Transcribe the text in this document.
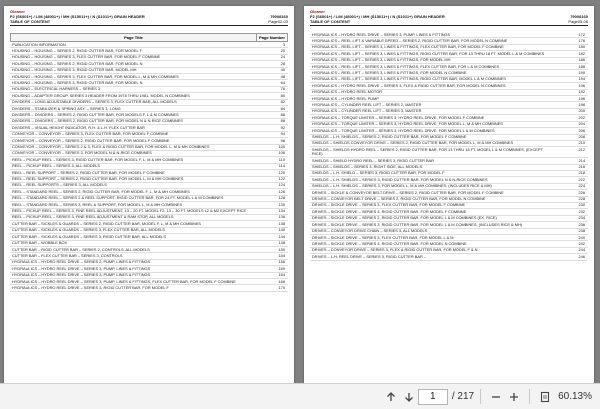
Gleaner
F2 (S6001+) / L/M (48001+) / MH (S15011+) / N (S1011+) GRAIN HEADER
TABLE OF CONTENT
79008160
Page02-03
Page Title	Page Number
PUBLICATION INFORMATION	3
HOUSING – HOUSING – SERIES 2, RIGID CUTTER BAR, FOR MODEL F	20
HOUSING – HOUSING – SERIES 3, FLEX CUTTER BAR, FOR MODEL F COMBINE	24
HOUSING – HOUSING – SERIES 2, RIGID CUTTER BAR, FOR MODEL N	28
HOUSING – HOUSING – SERIES 3, RIGID CUTTER BAR, MODEL MH	40
HOUSING – HOUSING – SERIES 3, FLEX CUTTER BAR, FOR MODEL L, M & MH COMBINES	48
HOUSING – HOUSING – SERIES 3, RIGID CUTTER BAR, FOR MODEL N	64
HOUSING – ELECTRICAL HARNESS – SERIES 3	76
HOUSING – ADAPTER GROUP, SERIES 3 HEADER FROM 1978 THRU 1981, MODEL N COMBINES	80
DIVIDERS – LONG ADJUSTABLE DIVIDERS – SERIES 3, FLEX CUTTER BAR, ALL MODELS	82
DIVIDERS – STABILIZER & SPRING ASY. – SERIES 3, LONG	84
DIVIDERS – DIVIDERS – SERIES 2, RIGID CUTTER BAR, FOR MODELS F, L & M COMBINES	86
DIVIDERS – DIVIDERS – SERIES 2, RIGID CUTTER BAR, FOR MODEL N & N-RICE COMBINES	88
DIVIDERS – VISUAL HEIGHT INDICATOR, R.H. & L.H. FLEX CUTTER BAR	92
CONVEYOR – CONVEYOR – SERIES 3, FLEX CUTTER BAR, FOR MODEL F COMBINE	94
CONVEYOR – CONVEYOR – SERIES 2, RIGID CUTTER BAR, FOR MODEL F COMBINE	96
CONVEYOR – CONVEYOR – SERIES 2 & 3, FLEX & RIGID CUTTER BAR, FOR MODEL L, M & MH COMBINES	100
CONVEYOR – CONVEYOR – SERIES 3, FOR MODEL N & N-RICE COMBINES	106
REEL – PICKUP REEL – SERIES 3, RIGID CUTTER BAR, FOR MODEL F, L, M & MH COMBINES	110
REEL – PICKUP REEL – SERIES 3, ALL MODELS	114
REEL – REEL SUPPORT – SERIES 2, RIGID CUTTER BAR, FOR MODEL F COMBINE	120
REEL – REEL SUPPORT – SERIES 2, RIGID CUTTER BAR, FOR MODEL L, M & MH COMBINES	122
REEL – REEL SUPPORTS – SERIES 3, ALL MODELS	124
REEL – STANDARD REEL – SERIES 2, RIGID CUTTER BAR, FOR MODEL F, L, M & MH COMBINES	126
REEL – STANDARD REEL – SERIES 2 & REEL SUPPORT, RIGID CUTTER BAR, FOR 24 FT. MODEL L & M COMBINES	128
REEL – STANDARD REEL – SERIES 3, REEL & SUPPORT, FOR MODEL L, M & MH COMBINES	130
REEL – PICKUP REEL – SERIES 3, FINE REEL ADJUSTMENT, 13 – 20 FT. MODEL F2, 13 – 30 FT. MODELS L2 & M2 EXCEPT RICE	134
REEL – PICKUP REEL – SERIES 3, FINE REEL ADJUSTMENT & RAM STOP, ALL MODELS	136
CUTTER BAR – SICKLES & GUARDS – SERIES 2, RIGID CUTTER BAR, MODEL F, L, M & MH COMBINES	138
CUTTER BAR – SICKLES & GUARDS – SERIES 3, FLEX CUTTER BAR, ALL MODELS	140
CUTTER BAR – SICKLES & GUARDS – SERIES 3, RIGID CUTTER BAR, ALL MODELS	144
CUTTER BAR – WOBBLE BOX	148
CUTTER BAR – RIGID CUTTER BAR – SERIES 2, CONTROLS, ALL MODELS	150
CUTTER BAR – FLEX CUTTER BAR – SERIES 3, CONTROLS	154
HYDRAULICS – HYDRO REEL DRIVE – SERIES 2, PUMP, LINES & FITTINGS	156
HYDRAULICS – HYDRO REEL DRIVE – SERIES 3, PUMP, LINES & FITTINGS	160
HYDRAULICS – HYDRO REEL DRIVE – SERIES 3, PUMP, LINES & FITTINGS	164
HYDRAULICS – HYDRO REEL DRIVE – SERIES 3, PUMP, LINES & FITTINGS, FLEX CUTTER BAR, FOR MODEL F COMBINE	166
HYDRAULICS – HYDRO REEL DRIVE – SERIES 3, RIGID CUTTER BAR, FOR MODEL F	170
Gleaner
F2 (S6001+) / L/M (48001+) / MH (S15011+) / N (S1011+) GRAIN HEADER
TABLE OF CONTENT
79008160
Page05-06
HYDRAULICS – HYDRO REEL DRIVE – SERIES 3, PUMP, LINES & FITTINGS	172
HYDRAULICS – REEL LIFT & VARIABLE SPEED – SERIES 2, RIGID CUTTER BAR, FOR MODEL N COMBINE	176
HYDRAULICS – REEL LIFT – SERIES 3, LINES & FITTINGS, FLEX CUTTER BAR, FOR MODEL F COMBINE	180
HYDRAULICS – REEL LIFT – SERIES 3, LINES & FITTINGS, RIGID CUTTER BAR, FOR 13 THRU 18 FT. MODEL L & M COMBINES	182
HYDRAULICS – REEL LIFT – SERIES 3, LINES & FITTINGS, FOR MODEL MH	186
HYDRAULICS – REEL LIFT – SERIES 3, LINES & FITTINGS, FLEX CUTTER BAR, FOR L & M COMBINES	188
HYDRAULICS – REEL LIFT – SERIES 3, LINES & FITTINGS, FOR MODEL N COMBINE	190
HYDRAULICS – REEL LIFT – SERIES 3, LINES & FITTINGS, RIGID CUTTER BAR, MODEL L & M COMBINES	194
HYDRAULICS – HYDRO REEL DRIVE – SERIES 3, FLEX & RIGID CUTTER BAR, FOR MODEL N COMBINES	196
HYDRAULICS – HYDRO REEL MOTOR	192
HYDRAULICS – HYDRO REEL PUMP	196
HYDRAULICS – CYLINDER REEL LIFT – SERIES 2, MASTER	198
HYDRAULICS – CYLINDER REEL LIFT – SERIES 3, MASTER	200
HYDRAULICS – TORQUE LIMITER – SERIES 3, HYDRO REEL DRIVE, FOR MODEL F COMBINE	202
HYDRAULICS – TORQUE LIMITER – SERIES 3, HYDRO REEL DRIVE, FOR MODEL L, M & MH COMBINES	204
HYDRAULICS – TORQUE LIMITER – SERIES 3, HYDRO REEL DRIVE, FOR MODEL L & M COMBINES	206
SHIELDS – L.H. SHIELDS – SERIES 2, RIGID CUTTER BAR, FOR MODEL F COMBINE	208
SHIELDS – SHIELDS CONVEYOR DRIVE – SERIES 2, RIGID CUTTER BAR, FOR MODEL L, M & MH COMBINES	210
SHIELDS – SHIELDS HYDRO REEL – SERIES 2, RIGID CUTTER BAR, FOR 13 THRU 18 FT. MODEL L & M COMBINES, (EXCEPT RICE)
212
SHIELDS – SHIELD HYDRO REEL – SERIES 3, RIGID CUTTER BAR	214
SHIELDS – SHIELDS – SERIES 3, RIGHT SIDE, ALL MODELS	216
SHIELDS – L.H. SHIELD – SERIES 3, RIGID CUTTER BAR, FOR MODEL F	218
SHIELDS – L.H. SHIELDS – SERIES 3, RIGID CUTTER BAR, FOR MODEL N & N-RICE COMBINES	222
SHIELDS – L.H. SHIELDS – SERIES 3, FOR MODEL L, M & MH COMBINES, (INCLUDES RICE & MH)	224
DRIVES – SICKLE & CONVEYOR BELT DRIVE – SERIES 2, RIGID CUTTER BAR, FOR MODEL F COMBINE	226
DRIVES – CONVEYOR BELT DRIVE – SERIES 2, RIGID CUTTER BAR, FOR MODEL N COMBINE	228
DRIVES – SICKLE DRIVE – SERIES 3, FLEX CUTTER BAR, FOR MODEL F COMBINE	230
DRIVES – SICKLE DRIVE – SERIES 3, RIGID CUTTER BAR, FOR MODEL F COMBINE	232
DRIVES – SICKLE DRIVE – SERIES 2, RIGID CUTTER BAR, FOR MODEL L & M COMBINES (EX. RICE)	234
DRIVES – SICKLE DRIVE – SERIES 3, RIGID CUTTER BAR, FOR MODEL L & M COMBINES, (INCLUDES RICE & MH)	236
DRIVES – CONVEYOR DRIVE CHAIN – SERIES 3, ALL MODELS	238
DRIVES – SICKLE DRIVE – SERIES 3, FLEX CUTTER BAR, FOR MODEL L & M	240
DRIVES – SICKLE DRIVE – SERIES 3, RIGID CUTTER BAR, FOR MODEL N COMBINE	242
DRIVES – CONVEYOR DRIVE – SERIES 3, FLEX & RIGID CUTTER BAR, FOR MODEL F & N	244
DRIVES – L.H. REEL DRIVE – SERIES 3, RIGID CUTTER BAR –	246
1	/ 217	60.13%
